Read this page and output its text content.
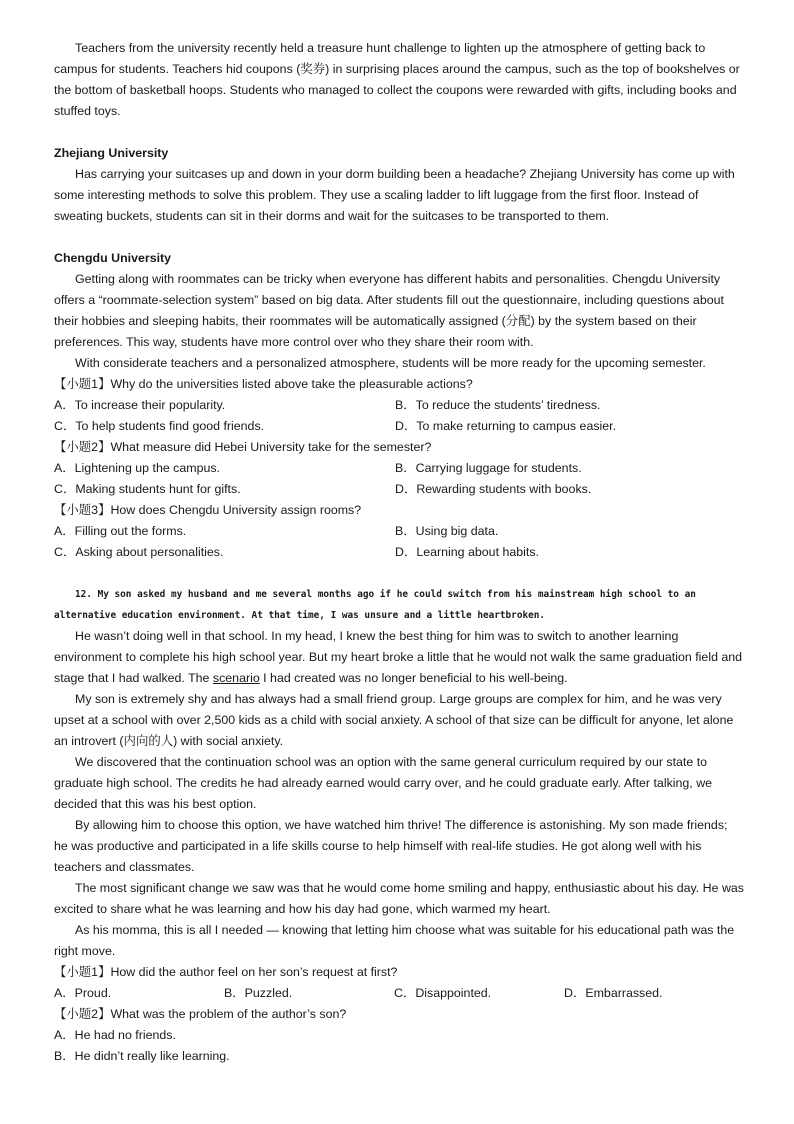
Teachers from the university recently held a treasure hunt challenge to lighten up the atmosphere of getting back to campus for students. Teachers hid coupons (奖券) in surprising places around the campus, such as the top of bookshelves or the bottom of basketball hoops. Students who managed to collect the coupons were rewarded with gifts, including books and stuffed toys.

Zhejiang University

Has carrying your suitcases up and down in your dorm building been a headache? Zhejiang University has come up with some interesting methods to solve this problem. They use a scaling ladder to lift luggage from the first floor. Instead of sweating buckets, students can sit in their dorms and wait for the suitcases to be transported to them.

Chengdu University

Getting along with roommates can be tricky when everyone has different habits and personalities. Chengdu University offers a “roommate-selection system” based on big data. After students fill out the questionnaire, including questions about their hobbies and sleeping habits, their roommates will be automatically assigned (分配) by the system based on their preferences. This way, students have more control over who they share their room with.

With considerate teachers and a personalized atmosphere, students will be more ready for the upcoming semester.

【小题1】Why do the universities listed above take the pleasurable actions?

A．To increase their popularity.	B．To reduce the students’ tiredness.
C．To help students find good friends.	D．To make returning to campus easier.

【小题2】What measure did Hebei University take for the semester?

A．Lightening up the campus.	B．Carrying luggage for students.
C．Making students hunt for gifts.	D．Rewarding students with books.

【小题3】How does Chengdu University assign rooms?

A．Filling out the forms.	B．Using big data.
C．Asking about personalities.	D．Learning about habits.

12. My son asked my husband and me several months ago if he could switch from his mainstream high school to an alternative education environment. At that time, I was unsure and a little heartbroken.

He wasn’t doing well in that school. In my head, I knew the best thing for him was to switch to another learning environment to complete his high school year. But my heart broke a little that he would not walk the same graduation field and stage that I had walked. The scenario I had created was no longer beneficial to his well-being.

My son is extremely shy and has always had a small friend group. Large groups are complex for him, and he was very upset at a school with over 2,500 kids as a child with social anxiety. A school of that size can be difficult for anyone, let alone an introvert (内向的人) with social anxiety.

We discovered that the continuation school was an option with the same general curriculum required by our state to graduate high school. The credits he had already earned would carry over, and he could graduate early. After talking, we decided that this was his best option.

By allowing him to choose this option, we have watched him thrive! The difference is astonishing. My son made friends; he was productive and participated in a life skills course to help himself with real-life studies. He got along well with his teachers and classmates.

The most significant change we saw was that he would come home smiling and happy, enthusiastic about his day. He was excited to share what he was learning and how his day had gone, which warmed my heart.

As his momma, this is all I needed — knowing that letting him choose what was suitable for his educational path was the right move.

【小题1】How did the author feel on her son’s request at first?

A．Proud.	B．Puzzled.	C．Disappointed.	D．Embarrassed.

【小题2】What was the problem of the author’s son?

A．He had no friends.

B．He didn’t really like learning.
